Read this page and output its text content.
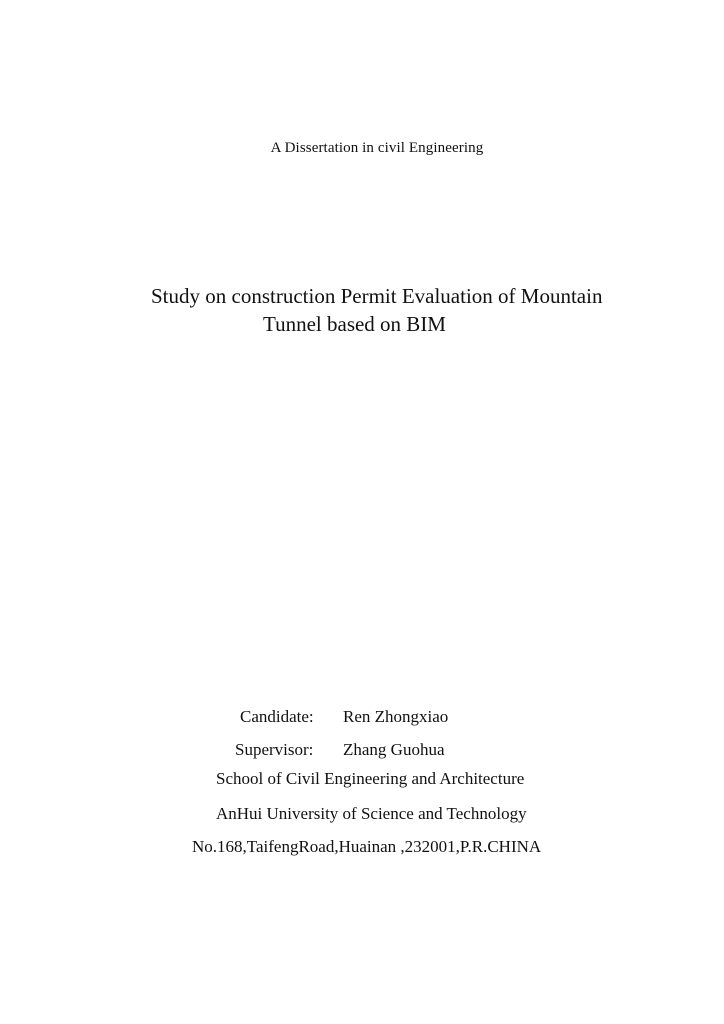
A Dissertation in civil Engineering
Study on construction Permit Evaluation of Mountain
Tunnel based on BIM
Candidate: Ren Zhongxiao
Supervisor: Zhang Guohua
School of Civil Engineering and Architecture
AnHui University of Science and Technology
No.168,TaifengRoad,Huainan ,232001,P.R.CHINA
